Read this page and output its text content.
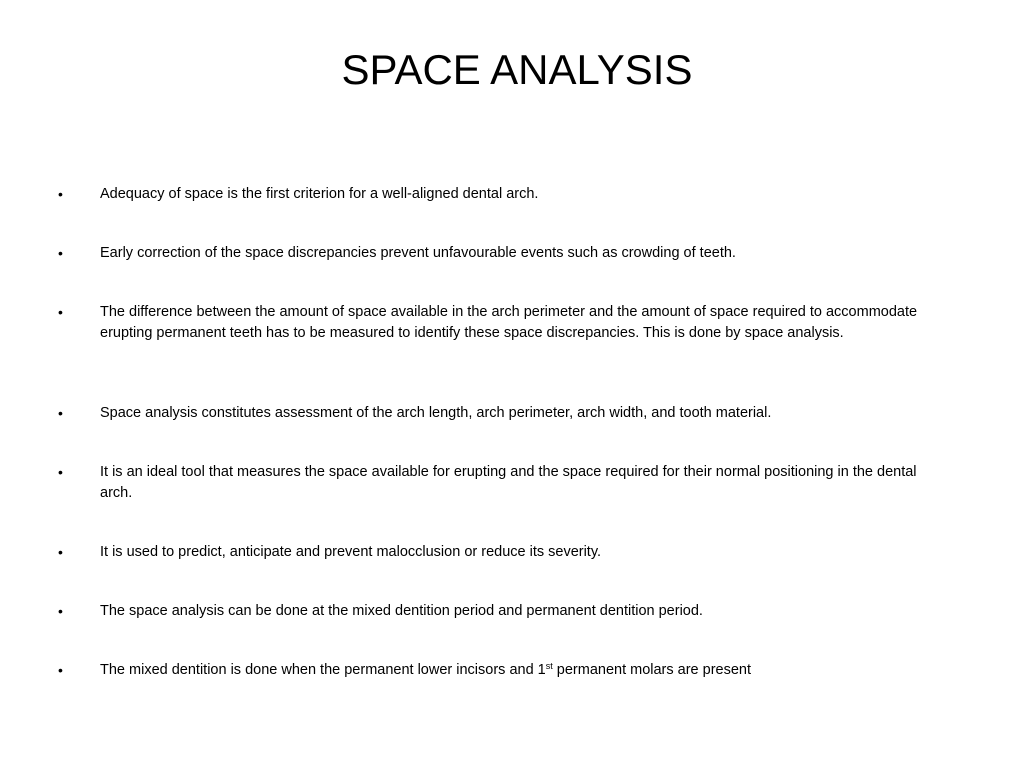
SPACE ANALYSIS
•	Adequacy of space is the first criterion for a well-aligned dental arch.
•	Early correction of the space discrepancies prevent unfavourable events such as crowding of teeth.
•	The difference between the amount of space available in the arch perimeter and the amount of space required to accommodate erupting permanent teeth has to be measured to identify these space discrepancies. This is done by space analysis.
•	Space analysis constitutes assessment of the arch length, arch perimeter, arch width, and tooth material.
•	It is an ideal tool that measures the space available for erupting and the space required for their normal positioning in the dental arch.
•	It is used to predict, anticipate and prevent malocclusion or reduce its severity.
•	The space analysis can be done at the mixed dentition period and permanent dentition period.
•	The mixed dentition is done when the permanent lower incisors and 1st permanent molars are present
